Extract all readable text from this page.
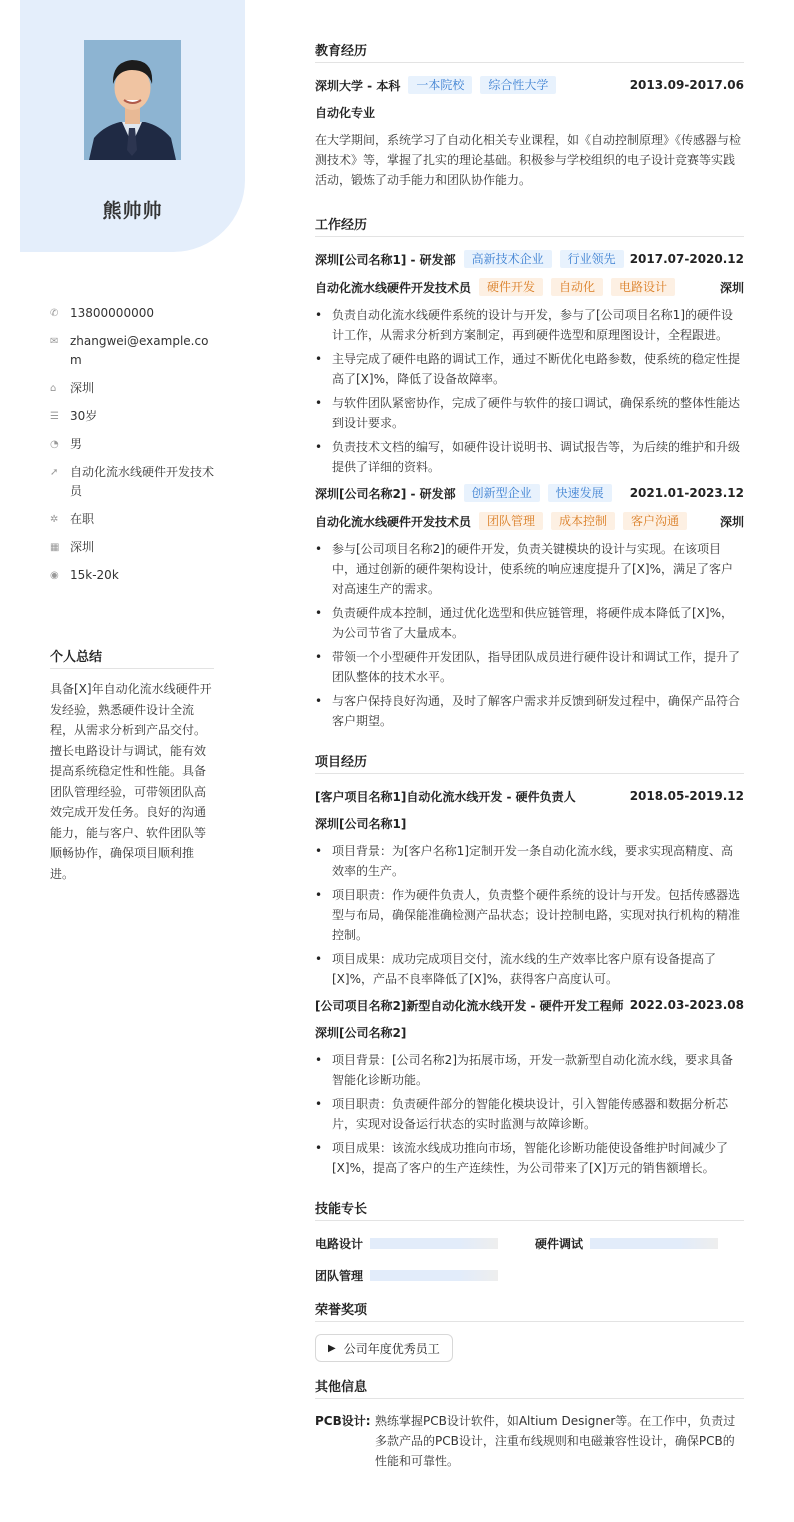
熊帅帅
✆ 13800000000
✉ zhangwei@example.com
⌂	深圳
☰ 30岁
◔ 男
➚ 自动化流水线硬件开发技术员
✲ 在职
▦ 深圳
◉ 15k-20k
个人总结

具备[X]年自动化流水线硬件开发经验，熟悉硬件设计全流程，从需求分析到产品交付。擅长电路设计与调试，能有效提高系统稳定性和性能。具备团队管理经验，可带领团队高效完成开发任务。良好的沟通能力，能与客户、软件团队等顺畅协作，确保项目顺利推进。

教育经历
深圳大学 - 本科	一本院校	综合性大学	2013.09-2017.06
自动化专业
在大学期间，系统学习了自动化相关专业课程，如《自动控制原理》《传感器与检测技术》等，掌握了扎实的理论基础。积极参与学校组织的电子设计竞赛等实践活动，锻炼了动手能力和团队协作能力。
工作经历
深圳[公司名称1] - 研发部	高新技术企业	行业领先	2017.07-2020.12
自动化流水线硬件开发技术员	硬件开发	自动化	电路设计	深圳
• 负责自动化流水线硬件系统的设计与开发，参与了[公司项目名称1]的硬件设计工作，从需求分析到方案制定，再到硬件选型和原理图设计，全程跟进。
• 主导完成了硬件电路的调试工作，通过不断优化电路参数，使系统的稳定性提高了[X]%，降低了设备故障率。
• 与软件团队紧密协作，完成了硬件与软件的接口调试，确保系统的整体性能达到设计要求。
• 负责技术文档的编写，如硬件设计说明书、调试报告等，为后续的维护和升级提供了详细的资料。
深圳[公司名称2] - 研发部	创新型企业	快速发展	2021.01-2023.12
自动化流水线硬件开发技术员	团队管理	成本控制	客户沟通	深圳
• 参与[公司项目名称2]的硬件开发，负责关键模块的设计与实现。在该项目中，通过创新的硬件架构设计，使系统的响应速度提升了[X]%，满足了客户对高速生产的需求。
• 负责硬件成本控制，通过优化选型和供应链管理，将硬件成本降低了[X]%，为公司节省了大量成本。
• 带领一个小型硬件开发团队，指导团队成员进行硬件设计和调试工作，提升了团队整体的技术水平。
• 与客户保持良好沟通，及时了解客户需求并反馈到研发过程中，确保产品符合客户期望。
项目经历
[客户项目名称1]自动化流水线开发 - 硬件负责人	2018.05-2019.12
深圳[公司名称1]
• 项目背景：为[客户名称1]定制开发一条自动化流水线，要求实现高精度、高效率的生产。
• 项目职责：作为硬件负责人，负责整个硬件系统的设计与开发。包括传感器选型与布局，确保能准确检测产品状态；设计控制电路，实现对执行机构的精准控制。
• 项目成果：成功完成项目交付，流水线的生产效率比客户原有设备提高了[X]%，产品不良率降低了[X]%，获得客户高度认可。
[公司项目名称2]新型自动化流水线开发 - 硬件开发工程师 2022.03-2023.08
深圳[公司名称2]
• 项目背景：[公司名称2]为拓展市场，开发一款新型自动化流水线，要求具备智能化诊断功能。
• 项目职责：负责硬件部分的智能化模块设计，引入智能传感器和数据分析芯片，实现对设备运行状态的实时监测与故障诊断。
• 项目成果：该流水线成功推向市场，智能化诊断功能使设备维护时间减少了[X]%，提高了客户的生产连续性，为公司带来了[X]万元的销售额增长。
技能专长
电路设计	硬件调试
团队管理
荣誉奖项
▶ 公司年度优秀员工
其他信息
PCB设计: 熟练掌握PCB设计软件，如Altium Designer等。在工作中，负责过多款产品的PCB设计，注重布线规则和电磁兼容性设计，确保PCB的性能和可靠性。
